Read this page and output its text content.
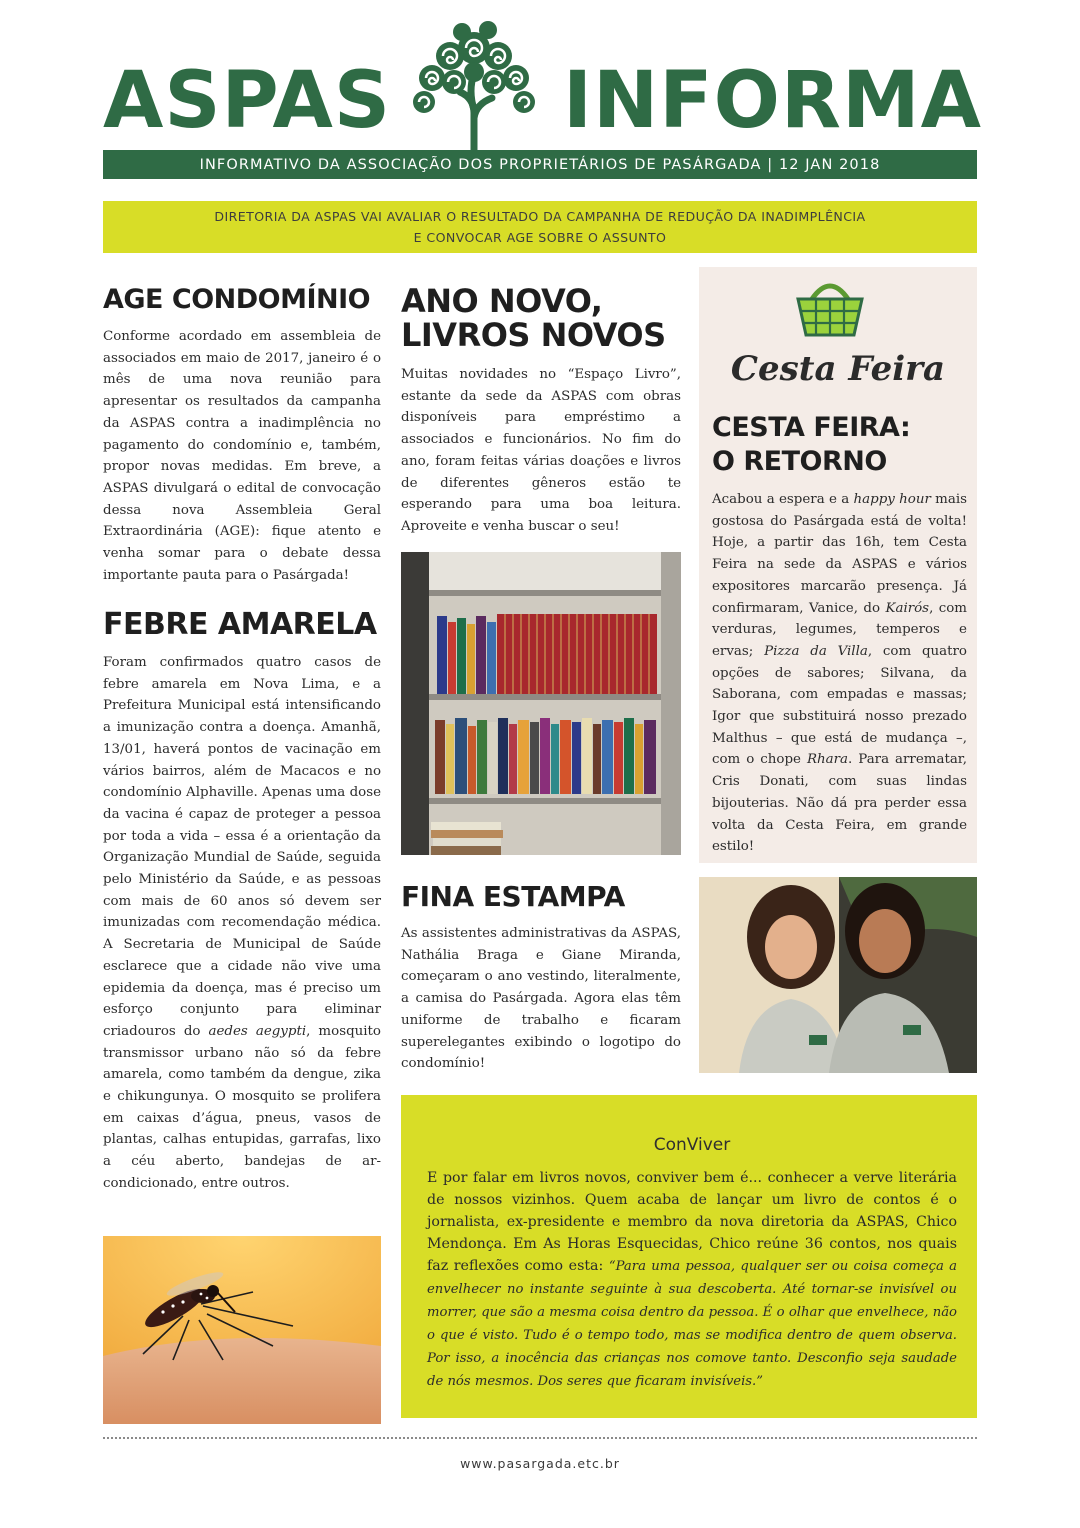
ASPAS INFORMA
INFORMATIVO DA ASSOCIAÇÃO DOS PROPRIETÁRIOS DE PASÁRGADA | 12 JAN 2018
DIRETORIA DA ASPAS VAI AVALIAR O RESULTADO DA CAMPANHA DE REDUÇÃO DA INADIMPLÊNCIA
E CONVOCAR AGE SOBRE O ASSUNTO
AGE CONDOMÍNIO

Conforme acordado em assembleia de associados em maio de 2017, janeiro é o mês de uma nova reunião para apresentar os resultados da campanha da ASPAS contra a inadimplência no pagamento do condomínio e, também, propor novas medidas. Em breve, a ASPAS divulgará o edital de convocação dessa nova Assembleia Geral Extraordinária (AGE): fique atento e venha somar para o debate dessa importante pauta para o Pasárgada!

FEBRE AMARELA

Foram confirmados quatro casos de febre amarela em Nova Lima, e a Prefeitura Municipal está intensificando a imunização contra a doença. Amanhã, 13/01, haverá pontos de vacinação em vários bairros, além de Macacos e no condomínio Alphaville. Apenas uma dose da vacina é capaz de proteger a pessoa por toda a vida – essa é a orientação da Organização Mundial de Saúde, seguida pelo Ministério da Saúde, e as pessoas com mais de 60 anos só devem ser imunizadas com recomendação médica. A Secretaria de Municipal de Saúde esclarece que a cidade não vive uma epidemia da doença, mas é preciso um esforço conjunto para eliminar criadouros do aedes aegypti, mosquito transmissor urbano não só da febre amarela, como também da dengue, zika e chikungunya. O mosquito se prolifera em caixas d’água, pneus, vasos de plantas, calhas entupidas, garrafas, lixo a céu aberto, bandejas de ar-condicionado, entre outros.

ANO NOVO,
LIVROS NOVOS

Muitas novidades no “Espaço Livro”, estante da sede da ASPAS com obras disponíveis para empréstimo a associados e funcionários. No fim do ano, foram feitas várias doações e livros de diferentes gêneros estão te esperando para uma boa leitura. Aproveite e venha buscar o seu!

FINA ESTAMPA

As assistentes administrativas da ASPAS, Nathália Braga e Giane Miranda, começaram o ano vestindo, literalmente, a camisa do Pasárgada. Agora elas têm uniforme de trabalho e ficaram superelegantes exibindo o logotipo do condomínio!

Cesta Feira
CESTA FEIRA:
O RETORNO

Acabou a espera e a happy hour mais gostosa do Pasárgada está de volta! Hoje, a partir das 16h, tem Cesta Feira na sede da ASPAS e vários expositores marcarão presença. Já confirmaram, Vanice, do Kairós, com verduras, legumes, temperos e ervas; Pizza da Villa, com quatro opções de sabores; Silvana, da Saborana, com empadas e massas; Igor que substituirá nosso prezado Malthus – que está de mudança –, com o chope Rhara. Para arrematar, Cris Donati, com suas lindas bijouterias. Não dá pra perder essa volta da Cesta Feira, em grande estilo!

ConViver

E por falar em livros novos, conviver bem é... conhecer a verve literária de nossos vizinhos. Quem acaba de lançar um livro de contos é o jornalista, ex-presidente e membro da nova diretoria da ASPAS, Chico Mendonça. Em As Horas Esquecidas, Chico reúne 36 contos, nos quais faz reflexões como esta: “Para uma pessoa, qualquer ser ou coisa começa a envelhecer no instante seguinte à sua descoberta. Até tornar-se invisível ou morrer, que são a mesma coisa dentro da pessoa. É o olhar que envelhece, não o que é visto. Tudo é o tempo todo, mas se modifica dentro de quem observa. Por isso, a inocência das crianças nos comove tanto. Desconfio seja saudade de nós mesmos. Dos seres que ficaram invisíveis.”

www.pasargada.etc.br
